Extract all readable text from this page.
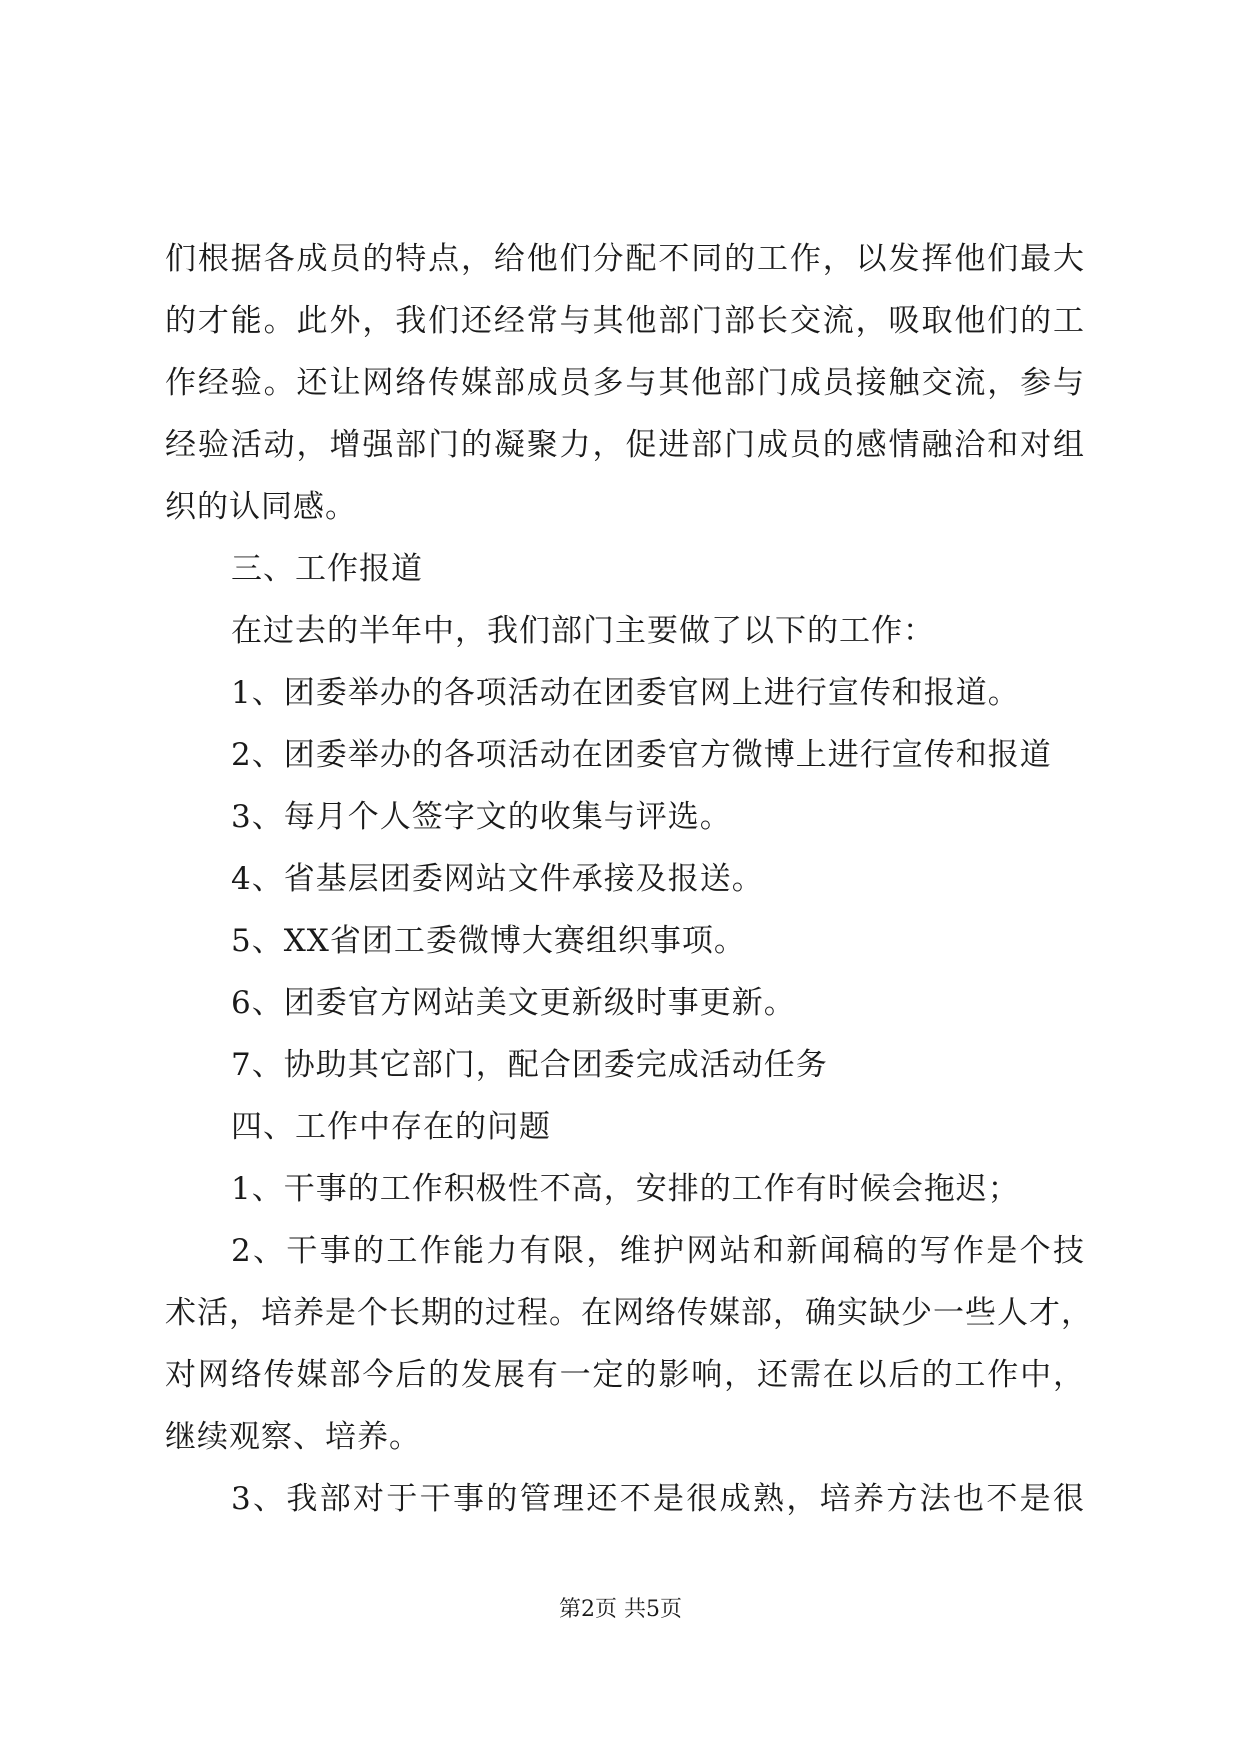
们根据各成员的特点，给他们分配不同的工作，以发挥他们最大
的才能。此外，我们还经常与其他部门部长交流，吸取他们的工
作经验。还让网络传媒部成员多与其他部门成员接触交流，参与
经验活动，增强部门的凝聚力，促进部门成员的感情融洽和对组
织的认同感。
三、工作报道
在过去的半年中，我们部门主要做了以下的工作：
1、团委举办的各项活动在团委官网上进行宣传和报道。
2、团委举办的各项活动在团委官方微博上进行宣传和报道
3、每月个人签字文的收集与评选。
4、省基层团委网站文件承接及报送。
5、XX省团工委微博大赛组织事项。
6、团委官方网站美文更新级时事更新。
7、协助其它部门，配合团委完成活动任务
四、工作中存在的问题
1、干事的工作积极性不高，安排的工作有时候会拖迟；
2、干事的工作能力有限，维护网站和新闻稿的写作是个技
术活，培养是个长期的过程。在网络传媒部，确实缺少一些人才，
对网络传媒部今后的发展有一定的影响，还需在以后的工作中，
继续观察、培养。
3、我部对于干事的管理还不是很成熟，培养方法也不是很
第2页 共5页
